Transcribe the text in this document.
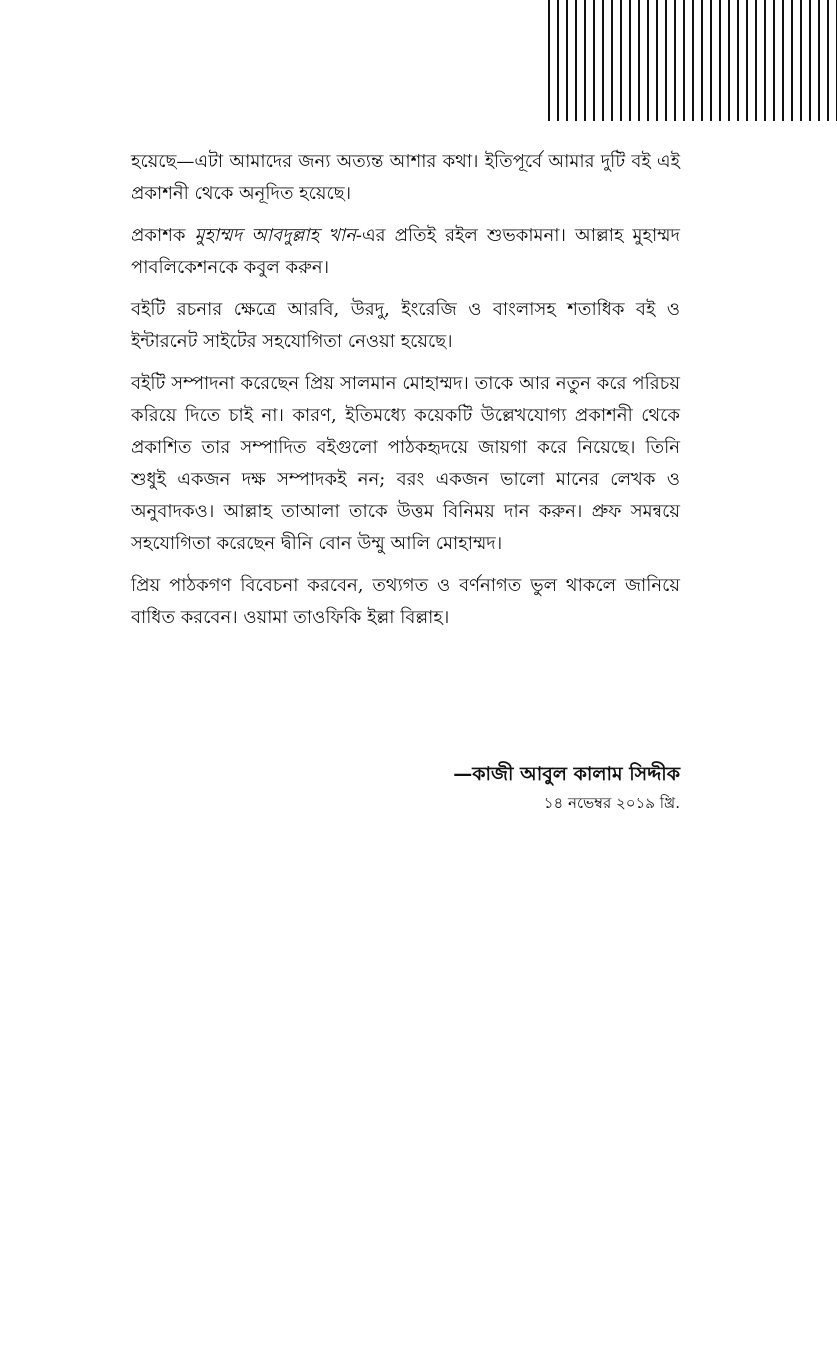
হয়েছে—এটা আমাদের জন্য অত্যন্ত আশার কথা। ইতিপূর্বে আমার দুটি বই এই প্রকাশনী থেকে অনূদিত হয়েছে।

প্রকাশক মুহাম্মদ আবদুল্লাহ খান-এর প্রতিই রইল শুভকামনা। আল্লাহ মুহাম্মদ পাবলিকেশনকে কবুল করুন।

বইটি রচনার ক্ষেত্রে আরবি, উরদু, ইংরেজি ও বাংলাসহ শতাধিক বই ও ইন্টারনেট সাইটের সহযোগিতা নেওয়া হয়েছে।

বইটি সম্পাদনা করেছেন প্রিয় সালমান মোহাম্মদ। তাকে আর নতুন করে পরিচয় করিয়ে দিতে চাই না। কারণ, ইতিমধ্যে কয়েকটি উল্লেখযোগ্য প্রকাশনী থেকে প্রকাশিত তার সম্পাদিত বইগুলো পাঠকহৃদয়ে জায়গা করে নিয়েছে। তিনি শুধুই একজন দক্ষ সম্পাদকই নন; বরং একজন ভালো মানের লেখক ও অনুবাদকও। আল্লাহ তাআলা তাকে উত্তম বিনিময় দান করুন। প্রুফ সমন্বয়ে সহযোগিতা করেছেন দ্বীনি বোন উম্মু আলি মোহাম্মদ।

প্রিয় পাঠকগণ বিবেচনা করবেন, তথ্যগত ও বর্ণনাগত ভুল থাকলে জানিয়ে বাধিত করবেন। ওয়ামা তাওফিকি ইল্লা বিল্লাহ।

—কাজী আবুল কালাম সিদ্দীক
১৪ নভেম্বর ২০১৯ খ্রি.
